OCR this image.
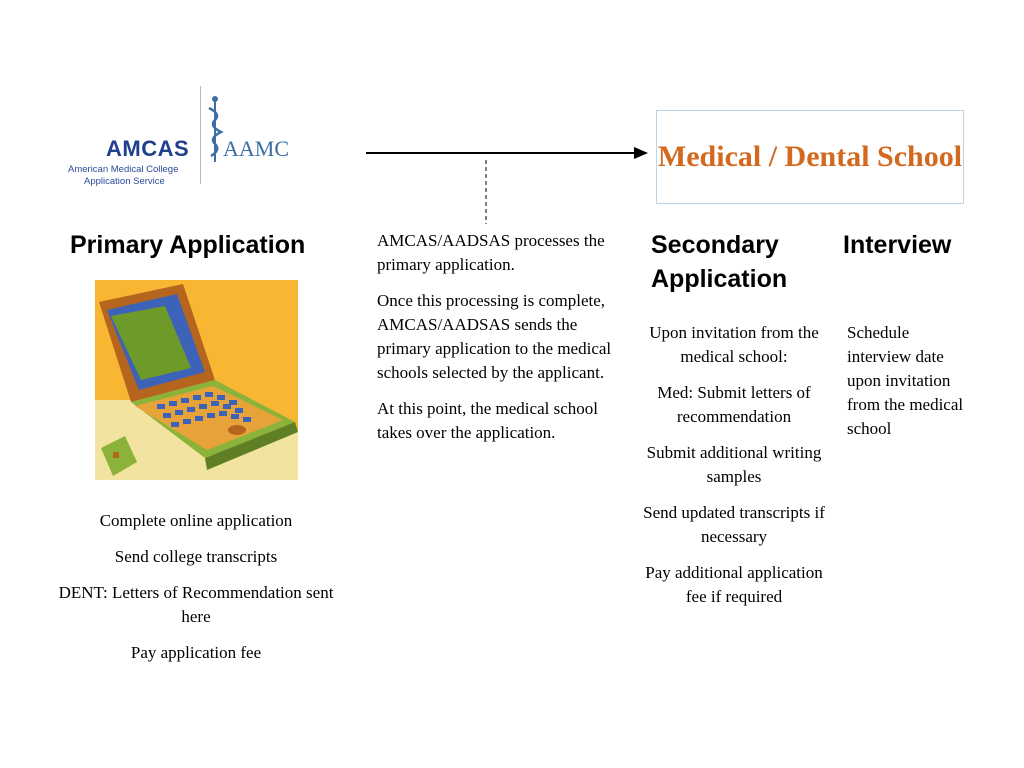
AMCAS
American Medical College
Application Service
AAMC	Medical / Dental School
Primary Application	Secondary
Application
Interview

AMCAS/AADSAS processes the primary application.

Once this processing is complete, AMCAS/AADSAS sends the primary application to the medical schools selected by the applicant.

At this point, the medical school takes over the application.

Complete online application

Send college transcripts

DENT: Letters of Recommendation sent here

Pay application fee

Upon invitation from the medical school:

Med: Submit letters of recommendation

Submit additional writing samples

Send updated transcripts if necessary

Pay additional application fee if required

Schedule interview date upon invitation from the medical school
